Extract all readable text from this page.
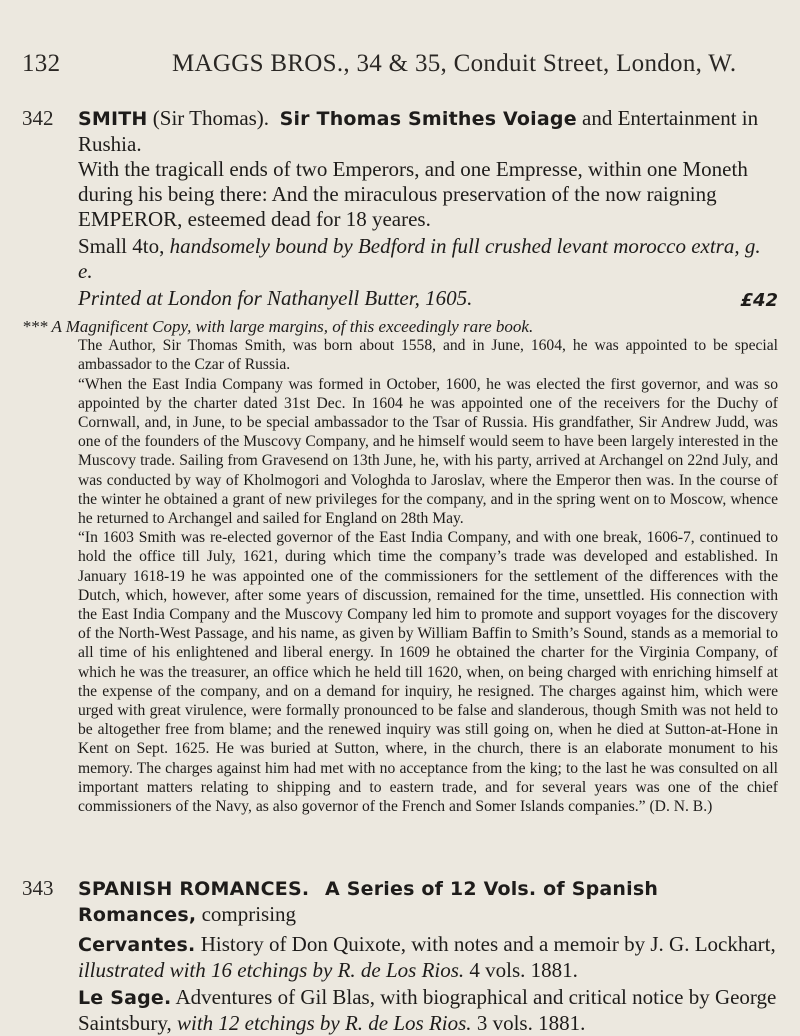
132	MAGGS BROS., 34 & 35, Conduit Street, London, W.
342 SMITH (Sir Thomas). Sir Thomas Smithes Voiage and Entertainment in Rushia.

With the tragicall ends of two Emperors, and one Empresse, within one Moneth during his being there: And the miraculous preservation of the now raigning EMPEROR, esteemed dead for 18 yeares.

Small 4to, handsomely bound by Bedford in full crushed levant morocco extra, g. e.

Printed at London for Nathanyell Butter, 1605.	£42

*** A Magnificent Copy, with large margins, of this exceedingly rare book.

The Author, Sir Thomas Smith, was born about 1558, and in June, 1604, he was appointed to be special ambassador to the Czar of Russia.

“When the East India Company was formed in October, 1600, he was elected the first governor, and was so appointed by the charter dated 31st Dec. In 1604 he was appointed one of the receivers for the Duchy of Cornwall, and, in June, to be special ambassador to the Tsar of Russia. His grandfather, Sir Andrew Judd, was one of the founders of the Muscovy Company, and he himself would seem to have been largely interested in the Muscovy trade. Sailing from Gravesend on 13th June, he, with his party, arrived at Archangel on 22nd July, and was conducted by way of Kholmogori and Vologhda to Jaroslav, where the Emperor then was. In the course of the winter he obtained a grant of new privileges for the company, and in the spring went on to Moscow, whence he returned to Archangel and sailed for England on 28th May.

“In 1603 Smith was re-elected governor of the East India Company, and with one break, 1606-7, continued to hold the office till July, 1621, during which time the company’s trade was developed and established. In January 1618-19 he was appointed one of the commissioners for the settlement of the differences with the Dutch, which, however, after some years of discussion, remained for the time, unsettled. His connection with the East India Company and the Muscovy Company led him to promote and support voyages for the discovery of the North-West Passage, and his name, as given by William Baffin to Smith’s Sound, stands as a memorial to all time of his enlightened and liberal energy. In 1609 he obtained the charter for the Virginia Company, of which he was the treasurer, an office which he held till 1620, when, on being charged with enriching himself at the expense of the company, and on a demand for inquiry, he resigned. The charges against him, which were urged with great virulence, were formally pronounced to be false and slanderous, though Smith was not held to be altogether free from blame; and the renewed inquiry was still going on, when he died at Sutton-at-Hone in Kent on Sept. 1625. He was buried at Sutton, where, in the church, there is an elaborate monument to his memory. The charges against him had met with no acceptance from the king; to the last he was consulted on all important matters relating to shipping and to eastern trade, and for several years was one of the chief commissioners of the Navy, as also governor of the French and Somer Islands companies.” (D. N. B.)

343 SPANISH ROMANCES. A Series of 12 Vols. of Spanish Romances, comprising

Cervantes. History of Don Quixote, with notes and a memoir by J. G. Lockhart, illustrated with 16 etchings by R. de Los Rios. 4 vols. 1881.

Le Sage. Adventures of Gil Blas, with biographical and critical notice by George Saintsbury, with 12 etchings by R. de Los Rios. 3 vols. 1881.
